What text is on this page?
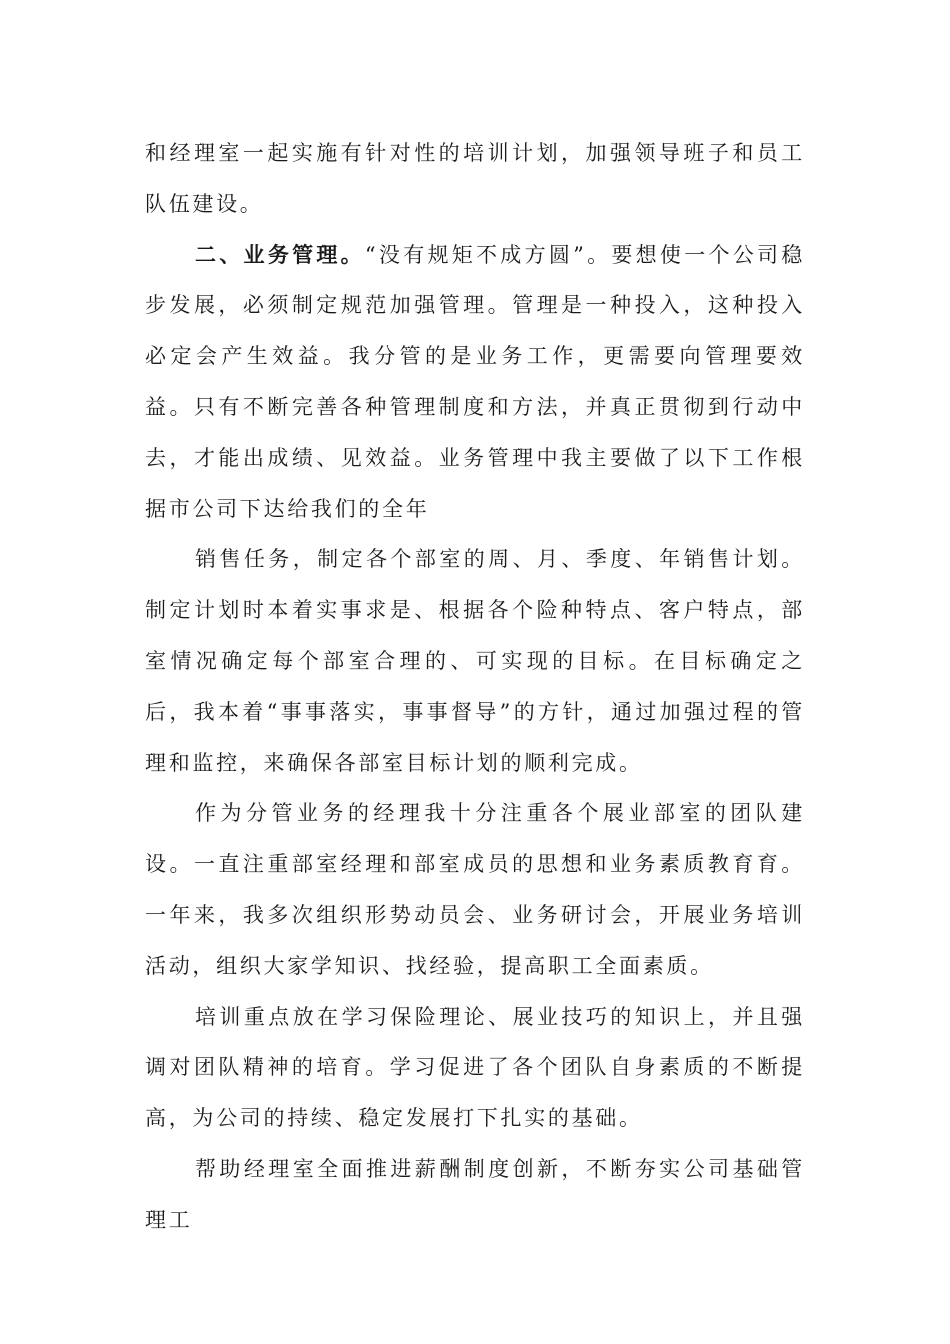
和经理室一起实施有针对性的培训计划，加强领导班子和员工队伍建设。

二、业务管理。“没有规矩不成方圆”。要想使一个公司稳步发展，必须制定规范加强管理。管理是一种投入，这种投入必定会产生效益。我分管的是业务工作，更需要向管理要效益。只有不断完善各种管理制度和方法，并真正贯彻到行动中去，才能出成绩、见效益。业务管理中我主要做了以下工作根据市公司下达给我们的全年

销售任务，制定各个部室的周、月、季度、年销售计划。制定计划时本着实事求是、根据各个险种特点、客户特点，部室情况确定每个部室合理的、可实现的目标。在目标确定之后，我本着“事事落实，事事督导”的方针，通过加强过程的管理和监控，来确保各部室目标计划的顺利完成。

作为分管业务的经理我十分注重各个展业部室的团队建设。一直注重部室经理和部室成员的思想和业务素质教育育。一年来，我多次组织形势动员会、业务研讨会，开展业务培训活动，组织大家学知识、找经验，提高职工全面素质。

培训重点放在学习保险理论、展业技巧的知识上，并且强调对团队精神的培育。学习促进了各个团队自身素质的不断提高，为公司的持续、稳定发展打下扎实的基础。

帮助经理室全面推进薪酬制度创新，不断夯实公司基础管理工
